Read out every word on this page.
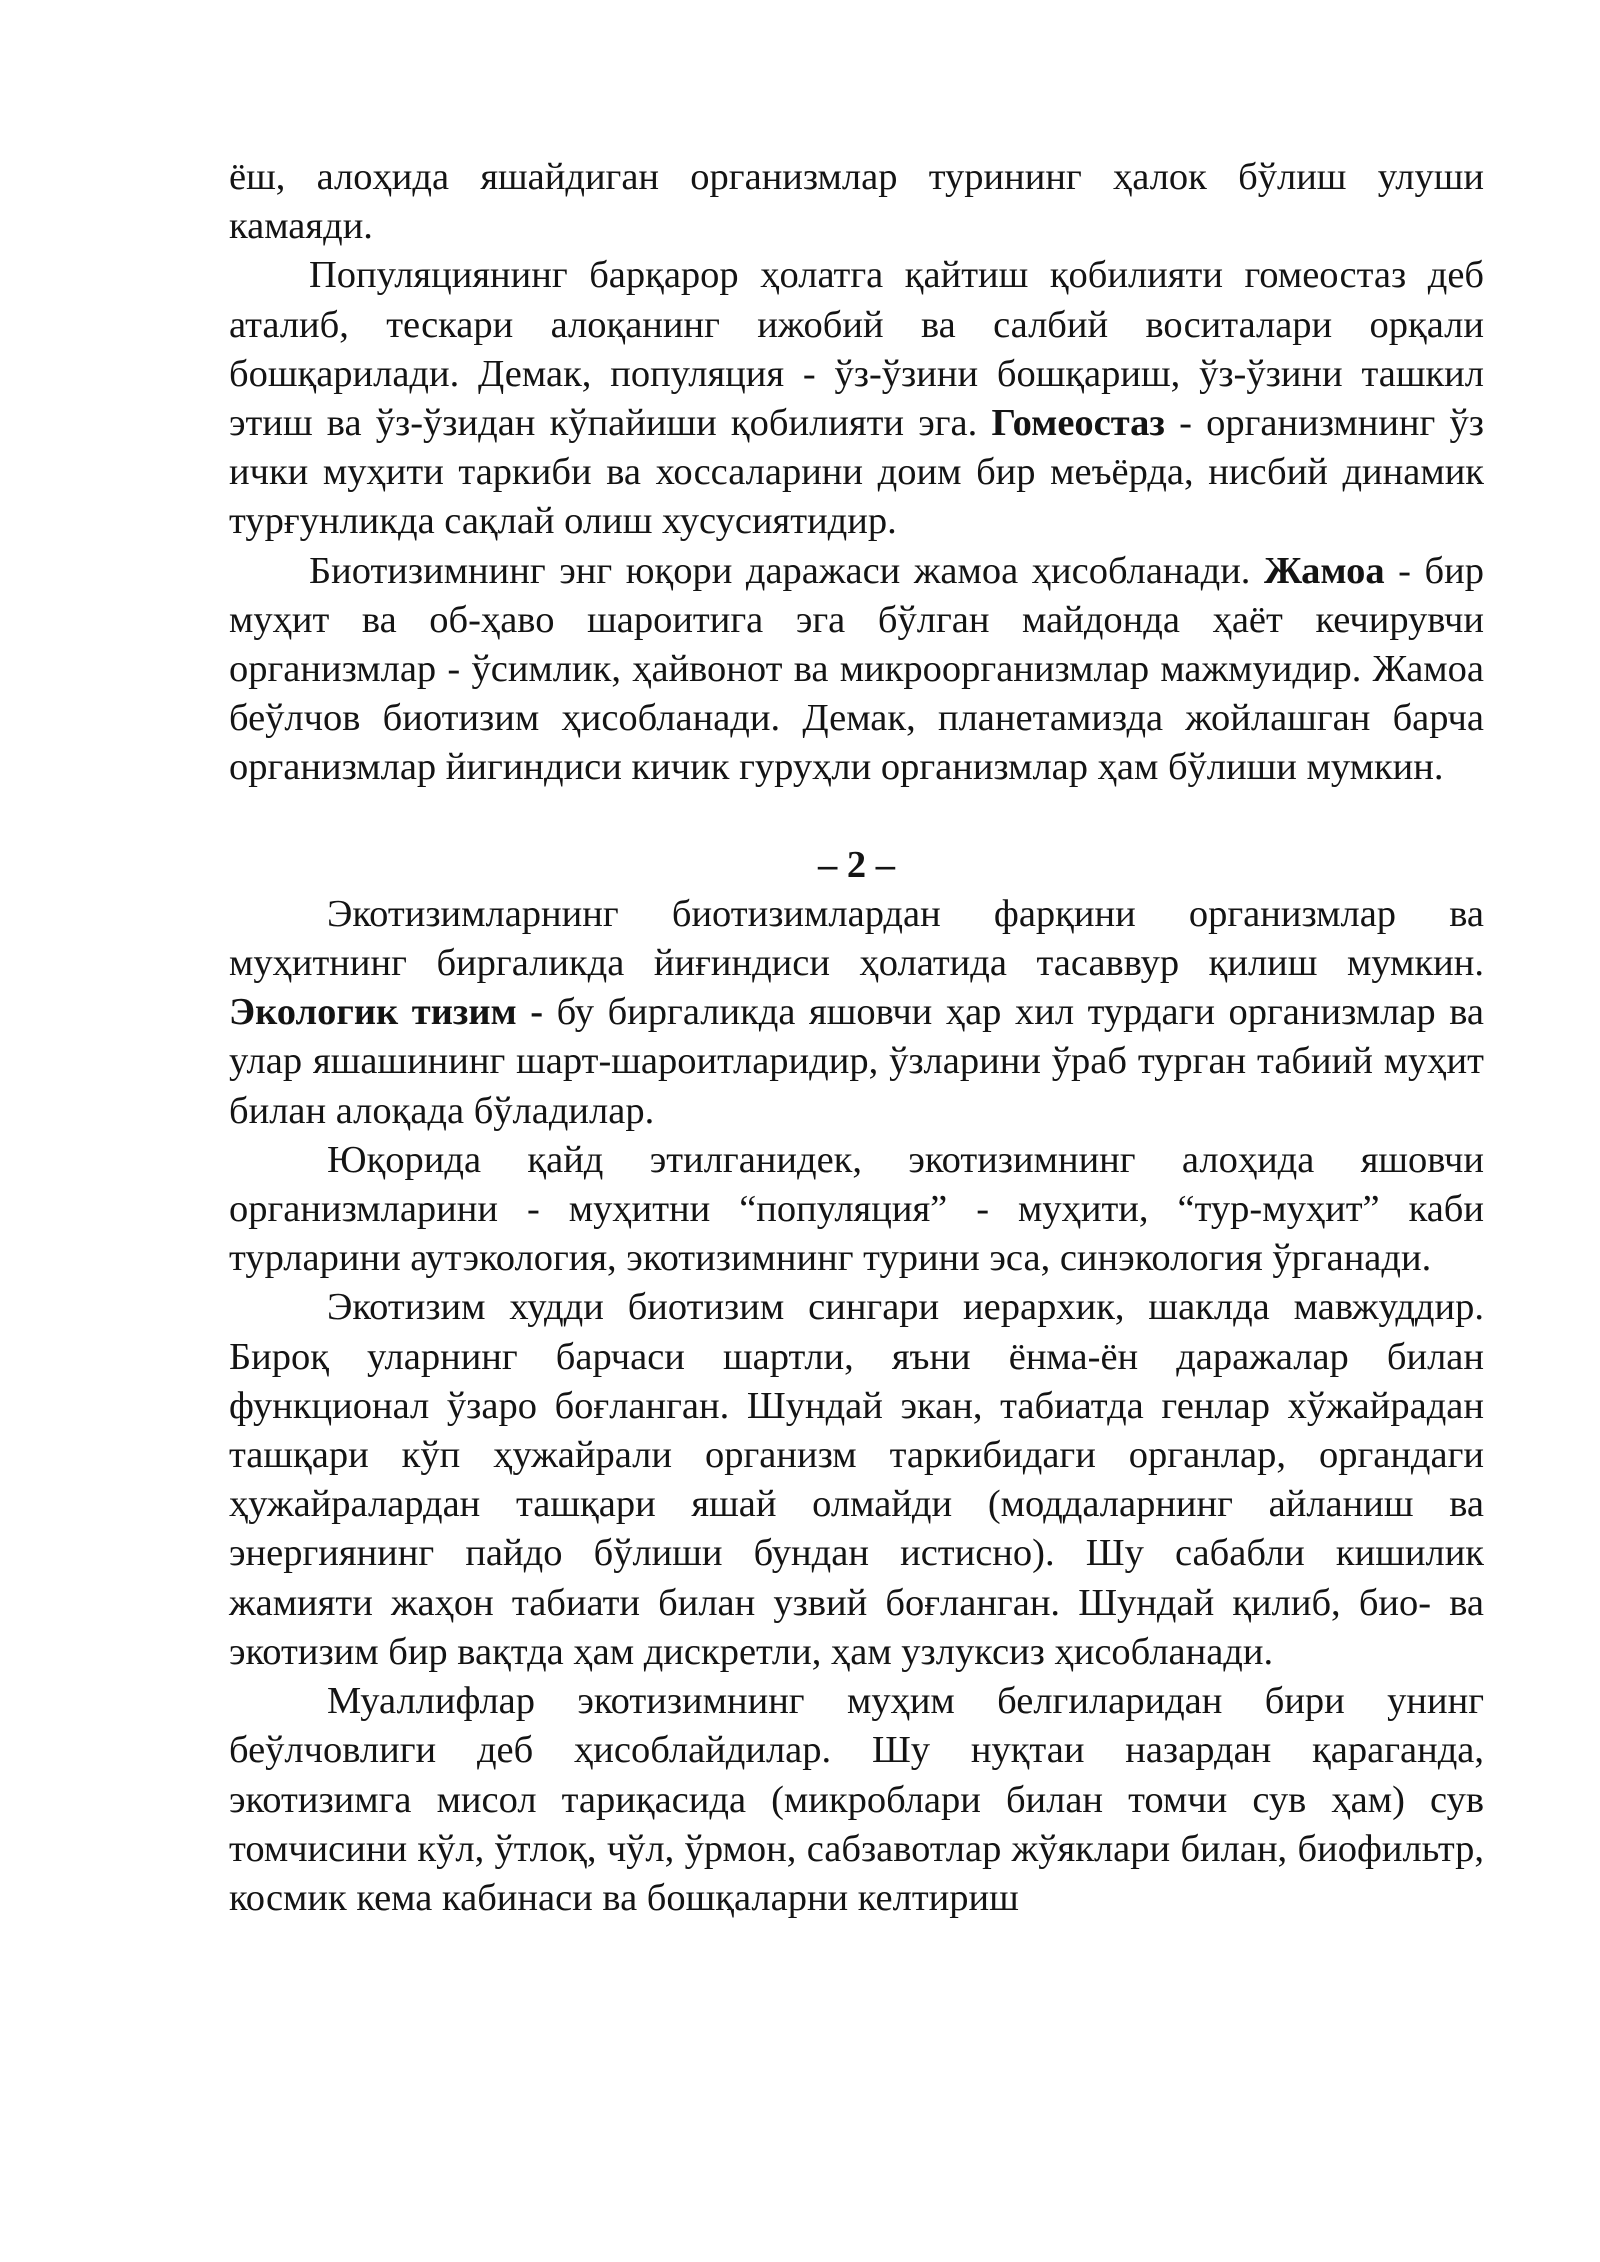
ёш, алоҳида яшайдиган организмлар турининг ҳалок бўлиш улуши камаяди.

Популяциянинг барқарор ҳолатга қайтиш қобилияти гомеостаз деб аталиб, тескари алоқанинг ижобий ва салбий воситалари орқали бошқарилади. Демак, популяция - ўз-ўзини бошқариш, ўз-ўзини ташкил этиш ва ўз-ўзидан кўпайиши қобилияти эга. Гомеостаз - организмнинг ўз ички муҳити таркиби ва хоссаларини доим бир меъёрда, нисбий динамик турғунликда сақлай олиш хусусиятидир.

Биотизимнинг энг юқори даражаси жамоа ҳисобланади. Жамоа - бир муҳит ва об-ҳаво шароитига эга бўлган майдонда ҳаёт кечирувчи организмлар - ўсимлик, ҳайвонот ва микроорганизмлар мажмуидир. Жамоа беўлчов биотизим ҳисобланади. Демак, планетамизда жойлашган барча организмлар йигиндиси кичик гуруҳли организмлар ҳам бўлиши мумкин.

– 2 –

Экотизимларнинг биотизимлардан фарқини организмлар ва муҳитнинг биргаликда йиғиндиси ҳолатида тасаввур қилиш мумкин. Экологик тизим - бу биргаликда яшовчи ҳар хил турдаги организмлар ва улар яшашининг шарт-шароитларидир, ўзларини ўраб турган табиий муҳит билан алоқада бўладилар.

Юқорида қайд этилганидек, экотизимнинг алоҳида яшовчи организмларини - муҳитни “популяция” - муҳити, “тур-муҳит” каби турларини аутэкология, экотизимнинг турини эса, синэкология ўрганади.

Экотизим худди биотизим сингари иерархик, шаклда мавжуддир. Бироқ уларнинг барчаси шартли, яъни ёнма-ён даражалар билан функционал ўзаро боғланган. Шундай экан, табиатда генлар хўжайрадан ташқари кўп ҳужайрали организм таркибидаги органлар, органдаги ҳужайралардан ташқари яшай олмайди (моддаларнинг айланиш ва энергиянинг пайдо бўлиши бундан истисно). Шу сабабли кишилик жамияти жаҳон табиати билан узвий боғланган. Шундай қилиб, био- ва экотизим бир вақтда ҳам дискретли, ҳам узлуксиз ҳисобланади.

Муаллифлар экотизимнинг муҳим белгиларидан бири унинг беўлчовлиги деб ҳисоблайдилар. Шу нуқтаи назардан қараганда, экотизимга мисол тариқасида (микроблари билан томчи сув ҳам) сув томчисини кўл, ўтлоқ, чўл, ўрмон, сабзавотлар жўяклари билан, биофильтр, космик кема кабинаси ва бошқаларни келтириш
